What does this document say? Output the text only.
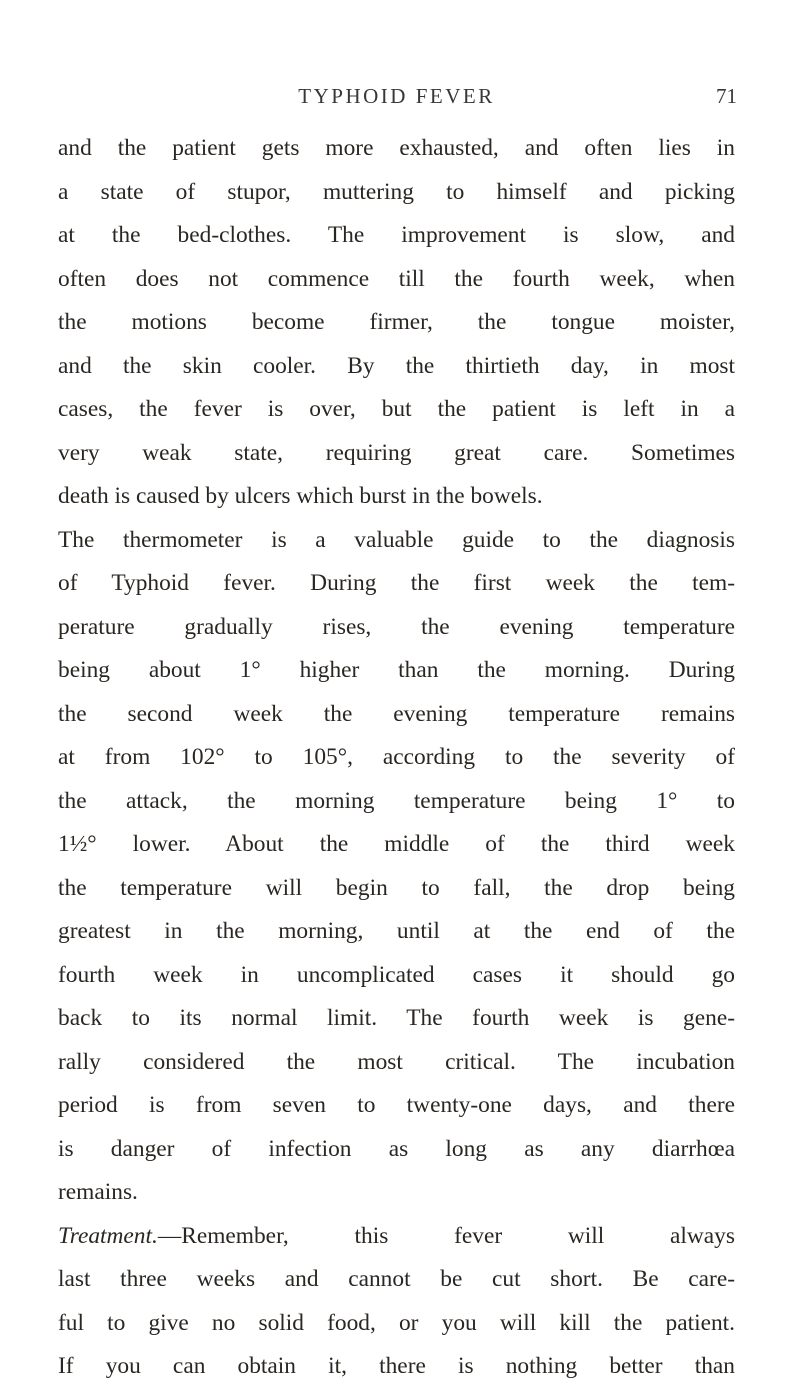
TYPHOID FEVER	71
and the patient gets more exhausted, and often lies in
a state of stupor, muttering to himself and picking
at the bed-clothes. The improvement is slow, and
often does not commence till the fourth week, when
the motions become firmer, the tongue moister,
and the skin cooler. By the thirtieth day, in most
cases, the fever is over, but the patient is left in a
very weak state, requiring great care. Sometimes
death is caused by ulcers which burst in the bowels.
The thermometer is a valuable guide to the diagnosis
of Typhoid fever. During the first week the tem-
perature gradually rises, the evening temperature
being about 1° higher than the morning. During
the second week the evening temperature remains
at from 102° to 105°, according to the severity of
the attack, the morning temperature being 1° to
1½° lower. About the middle of the third week
the temperature will begin to fall, the drop being
greatest in the morning, until at the end of the
fourth week in uncomplicated cases it should go
back to its normal limit. The fourth week is gene-
rally considered the most critical. The incubation
period is from seven to twenty-one days, and there
is danger of infection as long as any diarrhœa
remains.
Treatment.—Remember, this fever will always
last three weeks and cannot be cut short. Be care-
ful to give no solid food, or you will kill the patient.
If you can obtain it, there is nothing better than
